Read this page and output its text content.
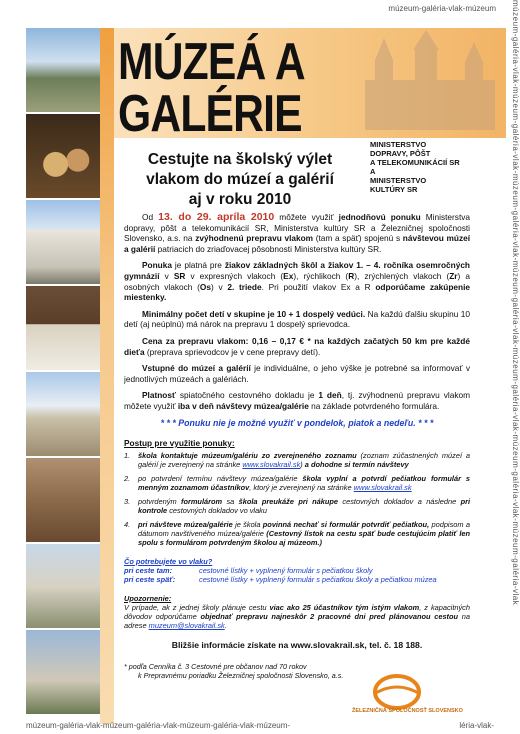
múzeum-galéria-vlak-múzeum	múzeum-galéria-vlak-múzeum-galéria-vlak-múzeum-galéria-vlak-múzeum-galéria-vlak-múzeum-galéria-vlak-múzeum-galéria-vlak-múzeum-galéria-vlak
MÚZEÁ A
GALÉRIE
MINISTERSTVO
DOPRAVY, PÔŠT
A TELEKOMUNIKÁCIÍ SR
A
MINISTERSTVO
KULTÚRY SR
Cestujte na školský výlet
vlakom do múzeí a galérií
aj v roku 2010

Od 13. do 29. apríla 2010 môžete využiť jednodňovú ponuku Ministerstva dopravy, pôšt a telekomunikácií SR, Ministerstva kultúry SR a Železničnej spoločnosti Slovensko, a.s. na zvýhodnenú prepravu vlakom (tam a späť) spojenú s návštevou múzeí a galérií patriacich do zriaďovacej pôsobnosti Ministerstva kultúry SR.

Ponuka je platná pre žiakov základných škôl a žiakov 1. – 4. ročníka osemročných gymnázií v SR v expresných vlakoch (Ex), rýchlikoch (R), zrýchlených vlakoch (Zr) a osobných vlakoch (Os) v 2. triede. Pri použití vlakov Ex a R odporúčame zakúpenie miestenky.

Minimálny počet detí v skupine je 10 + 1 dospelý vedúci. Na každú ďalšiu skupinu 10 detí (aj neúplnú) má nárok na prepravu 1 dospelý sprievodca.

Cena za prepravu vlakom: 0,16 – 0,17 € * na každých začatých 50 km pre každé dieťa (preprava sprievodcov je v cene prepravy detí).

Vstupné do múzeí a galérií je individuálne, o jeho výške je potrebné sa informovať v jednotlivých múzeách a galériách.

Platnosť spiatočného cestovného dokladu je 1 deň, tj. zvýhodnenú prepravu vlakom môžete využiť iba v deň návštevy múzea/galérie na základe potvrdeného formulára.

* * * Ponuku nie je možné využiť v pondelok, piatok a nedeľu. * * *
Postup pre využitie ponuky:
1.	škola kontaktuje múzeum/galériu zo zverejneného zoznamu (zoznam zúčastnených múzeí a galérií je zverejnený na stránke www.slovakrail.sk) a dohodne si termín návštevy
2.	po potvrdení termínu návštevy múzea/galérie škola vyplní a potvrdí pečiatkou formulár s menným zoznamom účastníkov, ktorý je zverejnený na stránke www.slovakrail.sk
3.	potvrdeným formulárom sa škola preukáže pri nákupe cestovných dokladov a následne pri kontrole cestovných dokladov vo vlaku
4.	pri návšteve múzea/galérie je škola povinná nechať si formulár potvrdiť pečiatkou, podpisom a dátumom navštíveného múzea/galérie (Cestovný lístok na cestu späť bude cestujúcim platiť len spolu s formulárom potvrdeným školou aj múzeom.)
Čo potrebujete vo vlaku?
pri ceste tam:	cestovné lístky + vyplnený formulár s pečiatkou školy
pri ceste späť:	cestovné lístky + vyplnený formulár s pečiatkou školy a pečiatkou múzea
Upozornenie:
V prípade, ak z jednej školy plánuje cestu viac ako 25 účastníkov tým istým vlakom, z kapacitných dôvodov odporúčame objednať prepravu najneskôr 2 pracovné dni pred plánovanou cestou na adrese muzeum@slovakrail.sk.
Bližšie informácie získate na www.slovakrail.sk, tel. č. 18 188.
* podľa Cenníka č. 3 Cestovné pre občanov nad 70 rokov
k Prepravnému poriadku Železničnej spoločnosti Slovensko, a.s.
ŽELEZNIČNÁ SPOLOČNOSŤ SLOVENSKO
múzeum-galéria-vlak-múzeum-galéria-vlak-múzeum-galéria-vlak-múzeum-	léria-vlak-
